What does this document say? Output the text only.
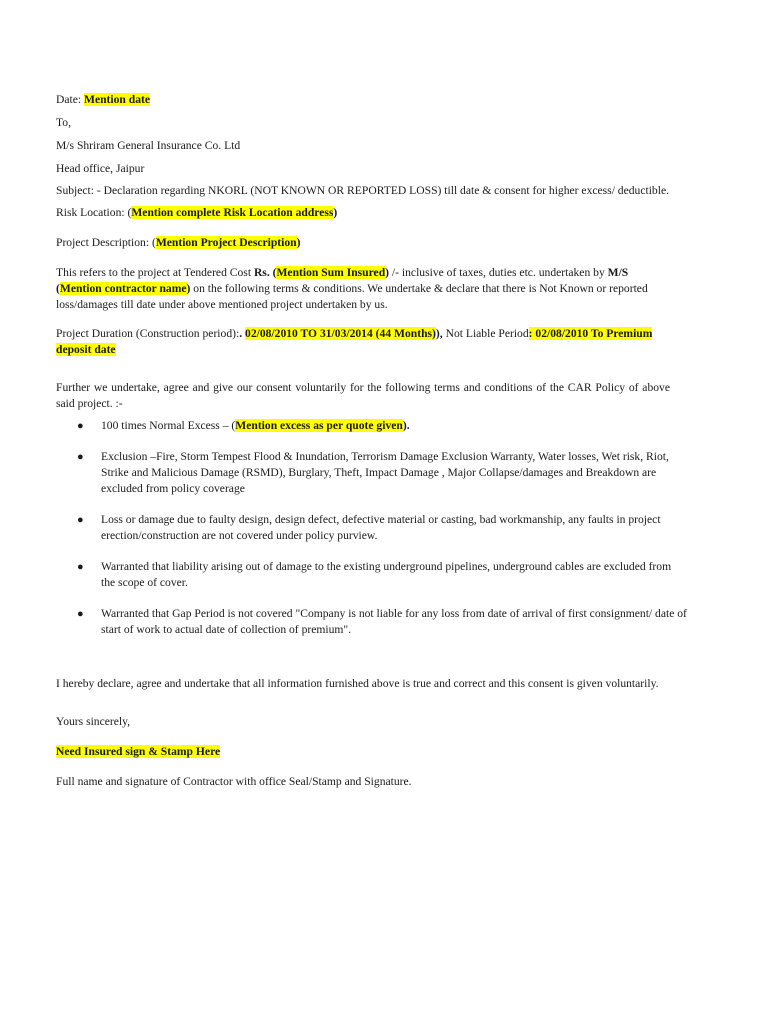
Date: Mention date

To,

M/s Shriram General Insurance Co. Ltd

Head office, Jaipur

Subject: - Declaration regarding NKORL (NOT KNOWN OR REPORTED LOSS) till date & consent for higher excess/ deductible.

Risk Location: (Mention complete Risk Location address)

Project Description: (Mention Project Description)

This refers to the project at Tendered Cost Rs. (Mention Sum Insured) /- inclusive of taxes, duties etc. undertaken by M/S (Mention contractor name) on the following terms & conditions. We undertake & declare that there is Not Known or reported loss/damages till date under above mentioned project undertaken by us.

Project Duration (Construction period):. 02/08/2010 TO 31/03/2014 (44 Months)), Not Liable Period: 02/08/2010 To Premium deposit date

Further we undertake, agree and give our consent voluntarily for the following terms and conditions of the CAR Policy of above said project. :-

● 100 times Normal Excess – (Mention excess as per quote given).
● Exclusion –Fire, Storm Tempest Flood & Inundation, Terrorism Damage Exclusion Warranty, Water losses, Wet risk, Riot, Strike and Malicious Damage (RSMD), Burglary, Theft, Impact Damage , Major Collapse/damages and Breakdown are excluded from policy coverage
● Loss or damage due to faulty design, design defect, defective material or casting, bad workmanship, any faults in project erection/construction are not covered under policy purview.
● Warranted that liability arising out of damage to the existing underground pipelines, underground cables are excluded from the scope of cover.
● Warranted that Gap Period is not covered "Company is not liable for any loss from date of arrival of first consignment/ date of start of work to actual date of collection of premium".

I hereby declare, agree and undertake that all information furnished above is true and correct and this consent is given voluntarily.

Yours sincerely,

Need Insured sign & Stamp Here

Full name and signature of Contractor with office Seal/Stamp and Signature.
